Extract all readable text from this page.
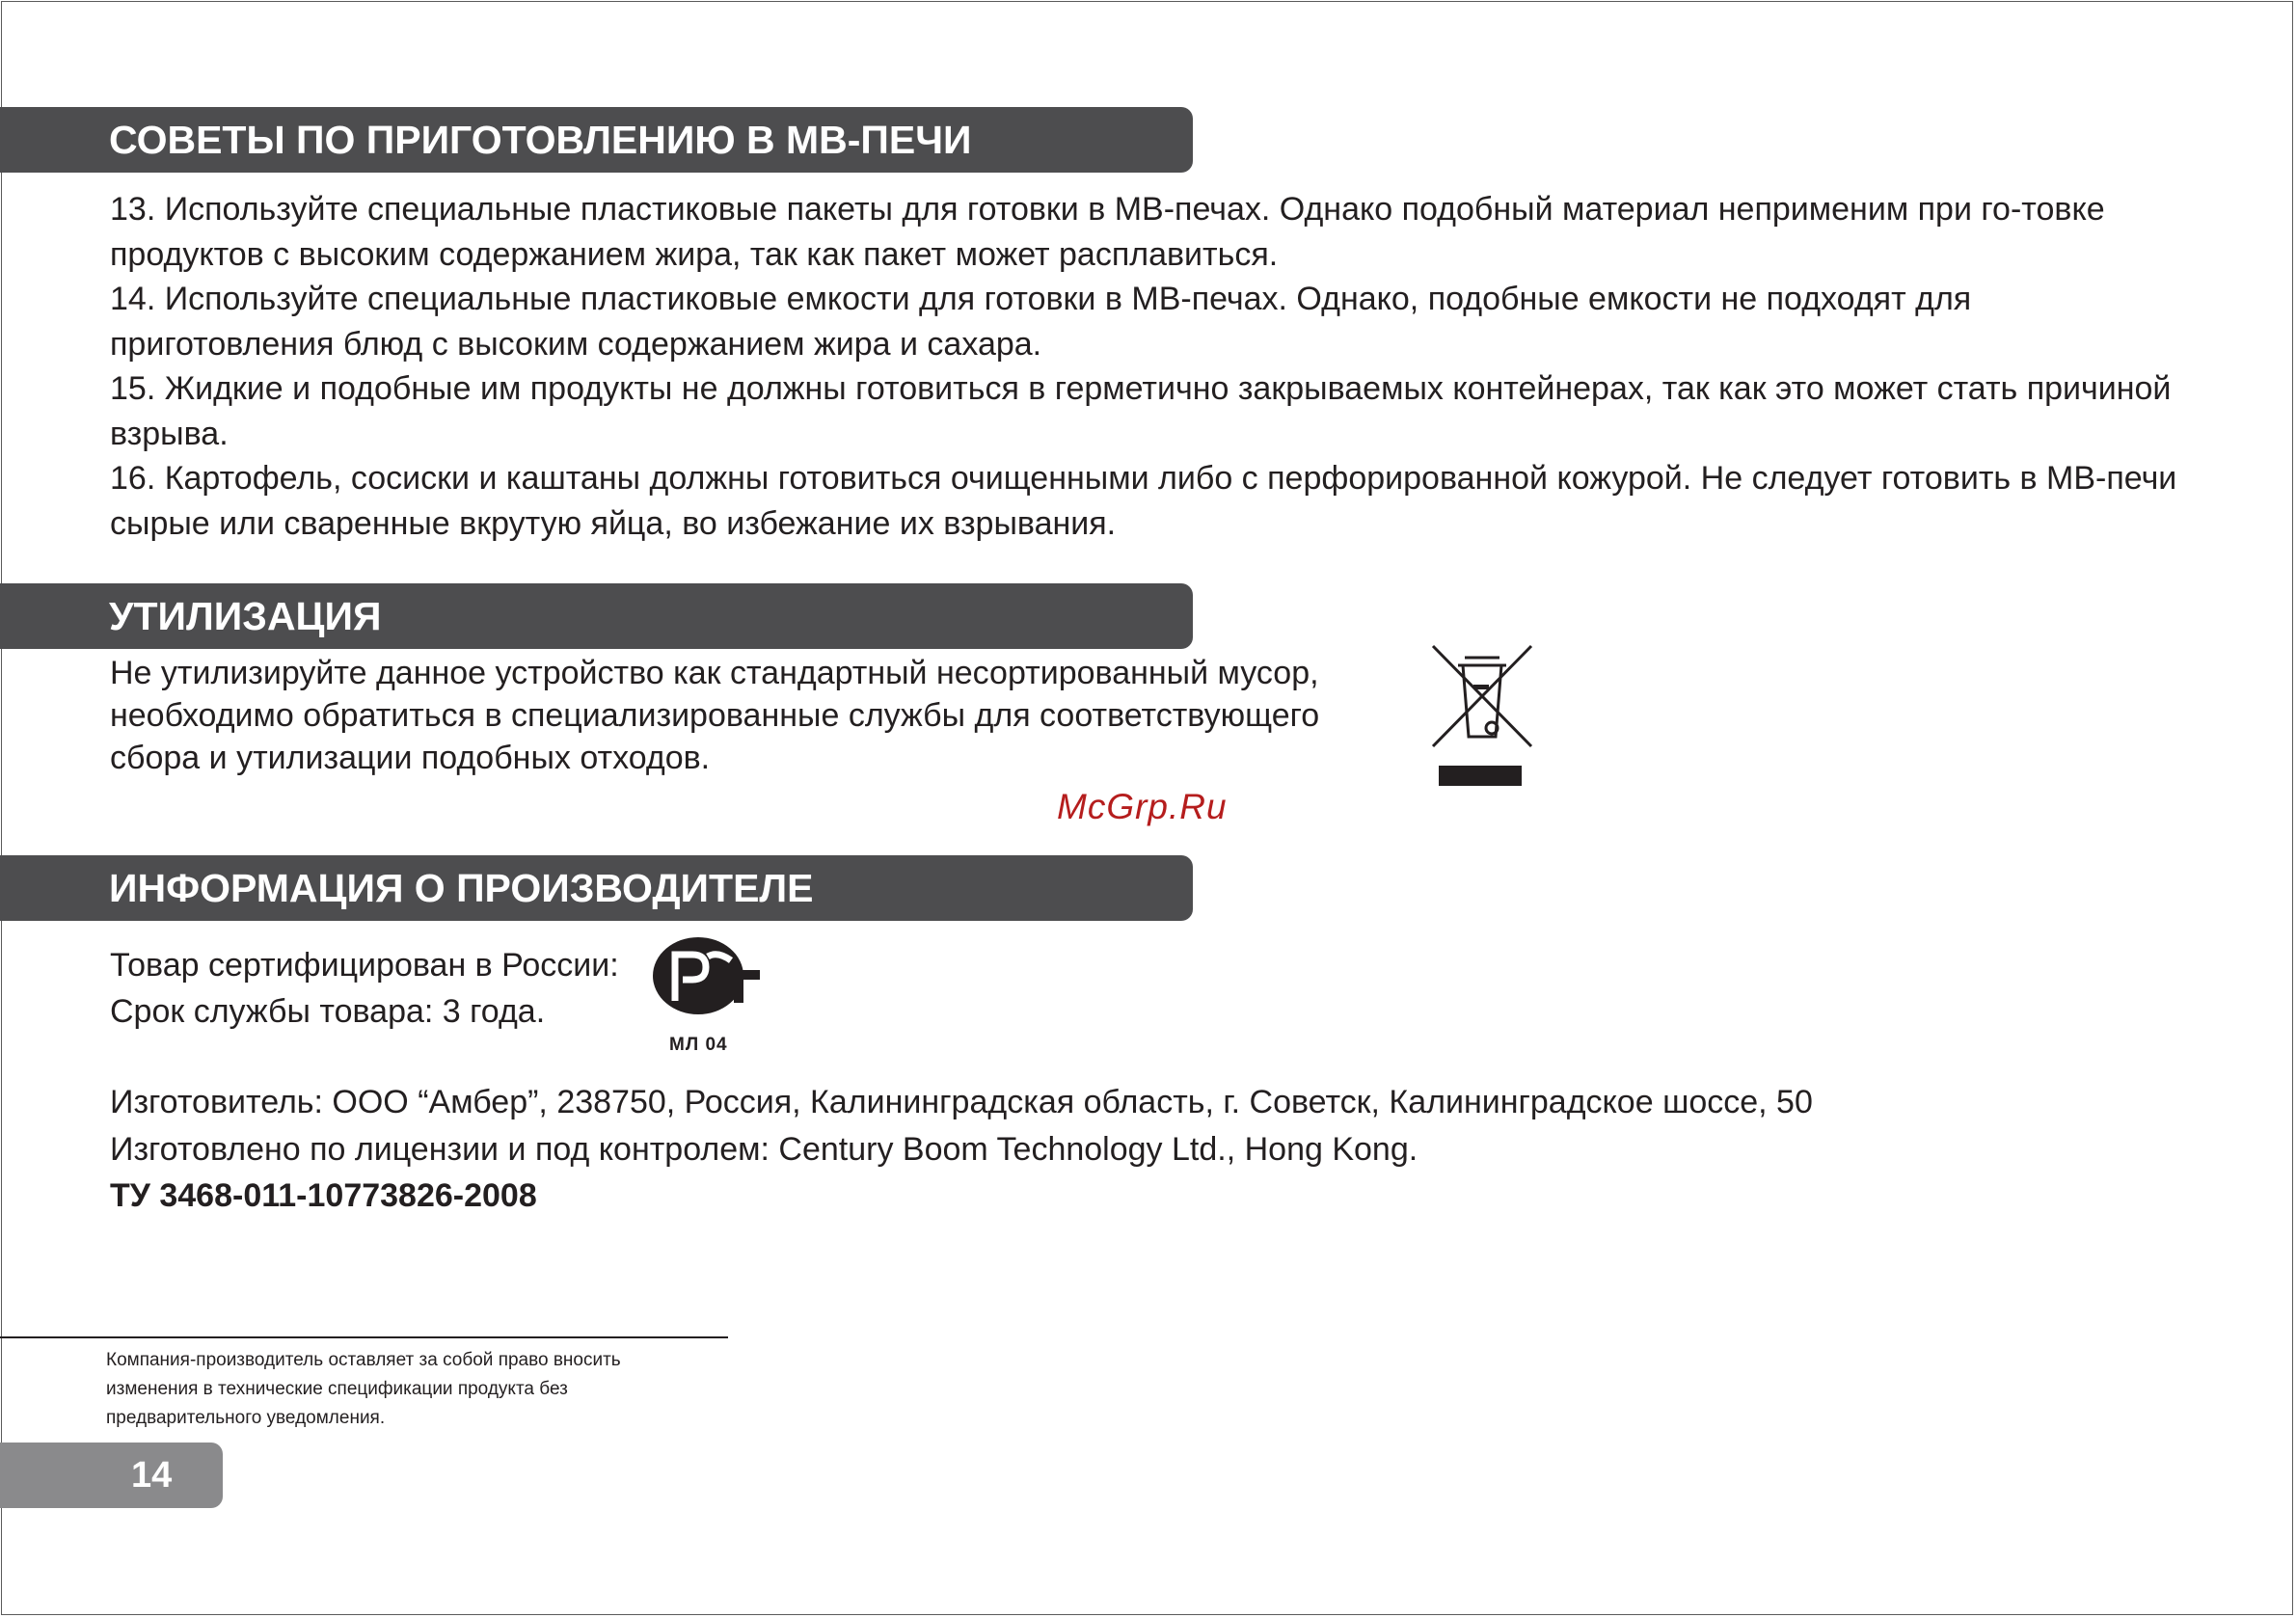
СОВЕТЫ ПО ПРИГОТОВЛЕНИЮ В МВ-ПЕЧИ
13. Используйте специальные пластиковые пакеты для готовки в МВ-печах. Однако подобный материал неприменим при го-товке продуктов с высоким содержанием жира, так как пакет может расплавиться.
14. Используйте специальные пластиковые емкости для готовки в МВ-печах. Однако, подобные емкости не подходят для приготовления блюд с высоким содержанием жира и сахара.
15. Жидкие и подобные им продукты не должны готовиться в герметично закрываемых контейнерах, так как это может стать причиной взрыва.
16. Картофель, сосиски и каштаны должны готовиться очищенными либо с перфорированной кожурой. Не следует готовить в МВ-печи сырые или сваренные вкрутую яйца, во избежание их взрывания.
УТИЛИЗАЦИЯ
Не утилизируйте данное устройство как стандартный несортированный мусор,
необходимо обратиться в специализированные службы для соответствующего
сбора и утилизации подобных отходов.
McGrp.Ru
ИНФОРМАЦИЯ О ПРОИЗВОДИТЕЛЕ
Товар сертифицирован в России:
Срок службы товара: 3 года.
МЛ 04
Изготовитель: ООО “Амбер”, 238750, Россия, Калининградская область, г. Советск, Калининградское шоссе, 50
Изготовлено по лицензии и под контролем: Century Boom Technology Ltd., Hong Kong.
ТУ 3468-011-10773826-2008
Компания-производитель оставляет за собой право вносить
изменения в технические спецификации продукта без
предварительного уведомления.
14
